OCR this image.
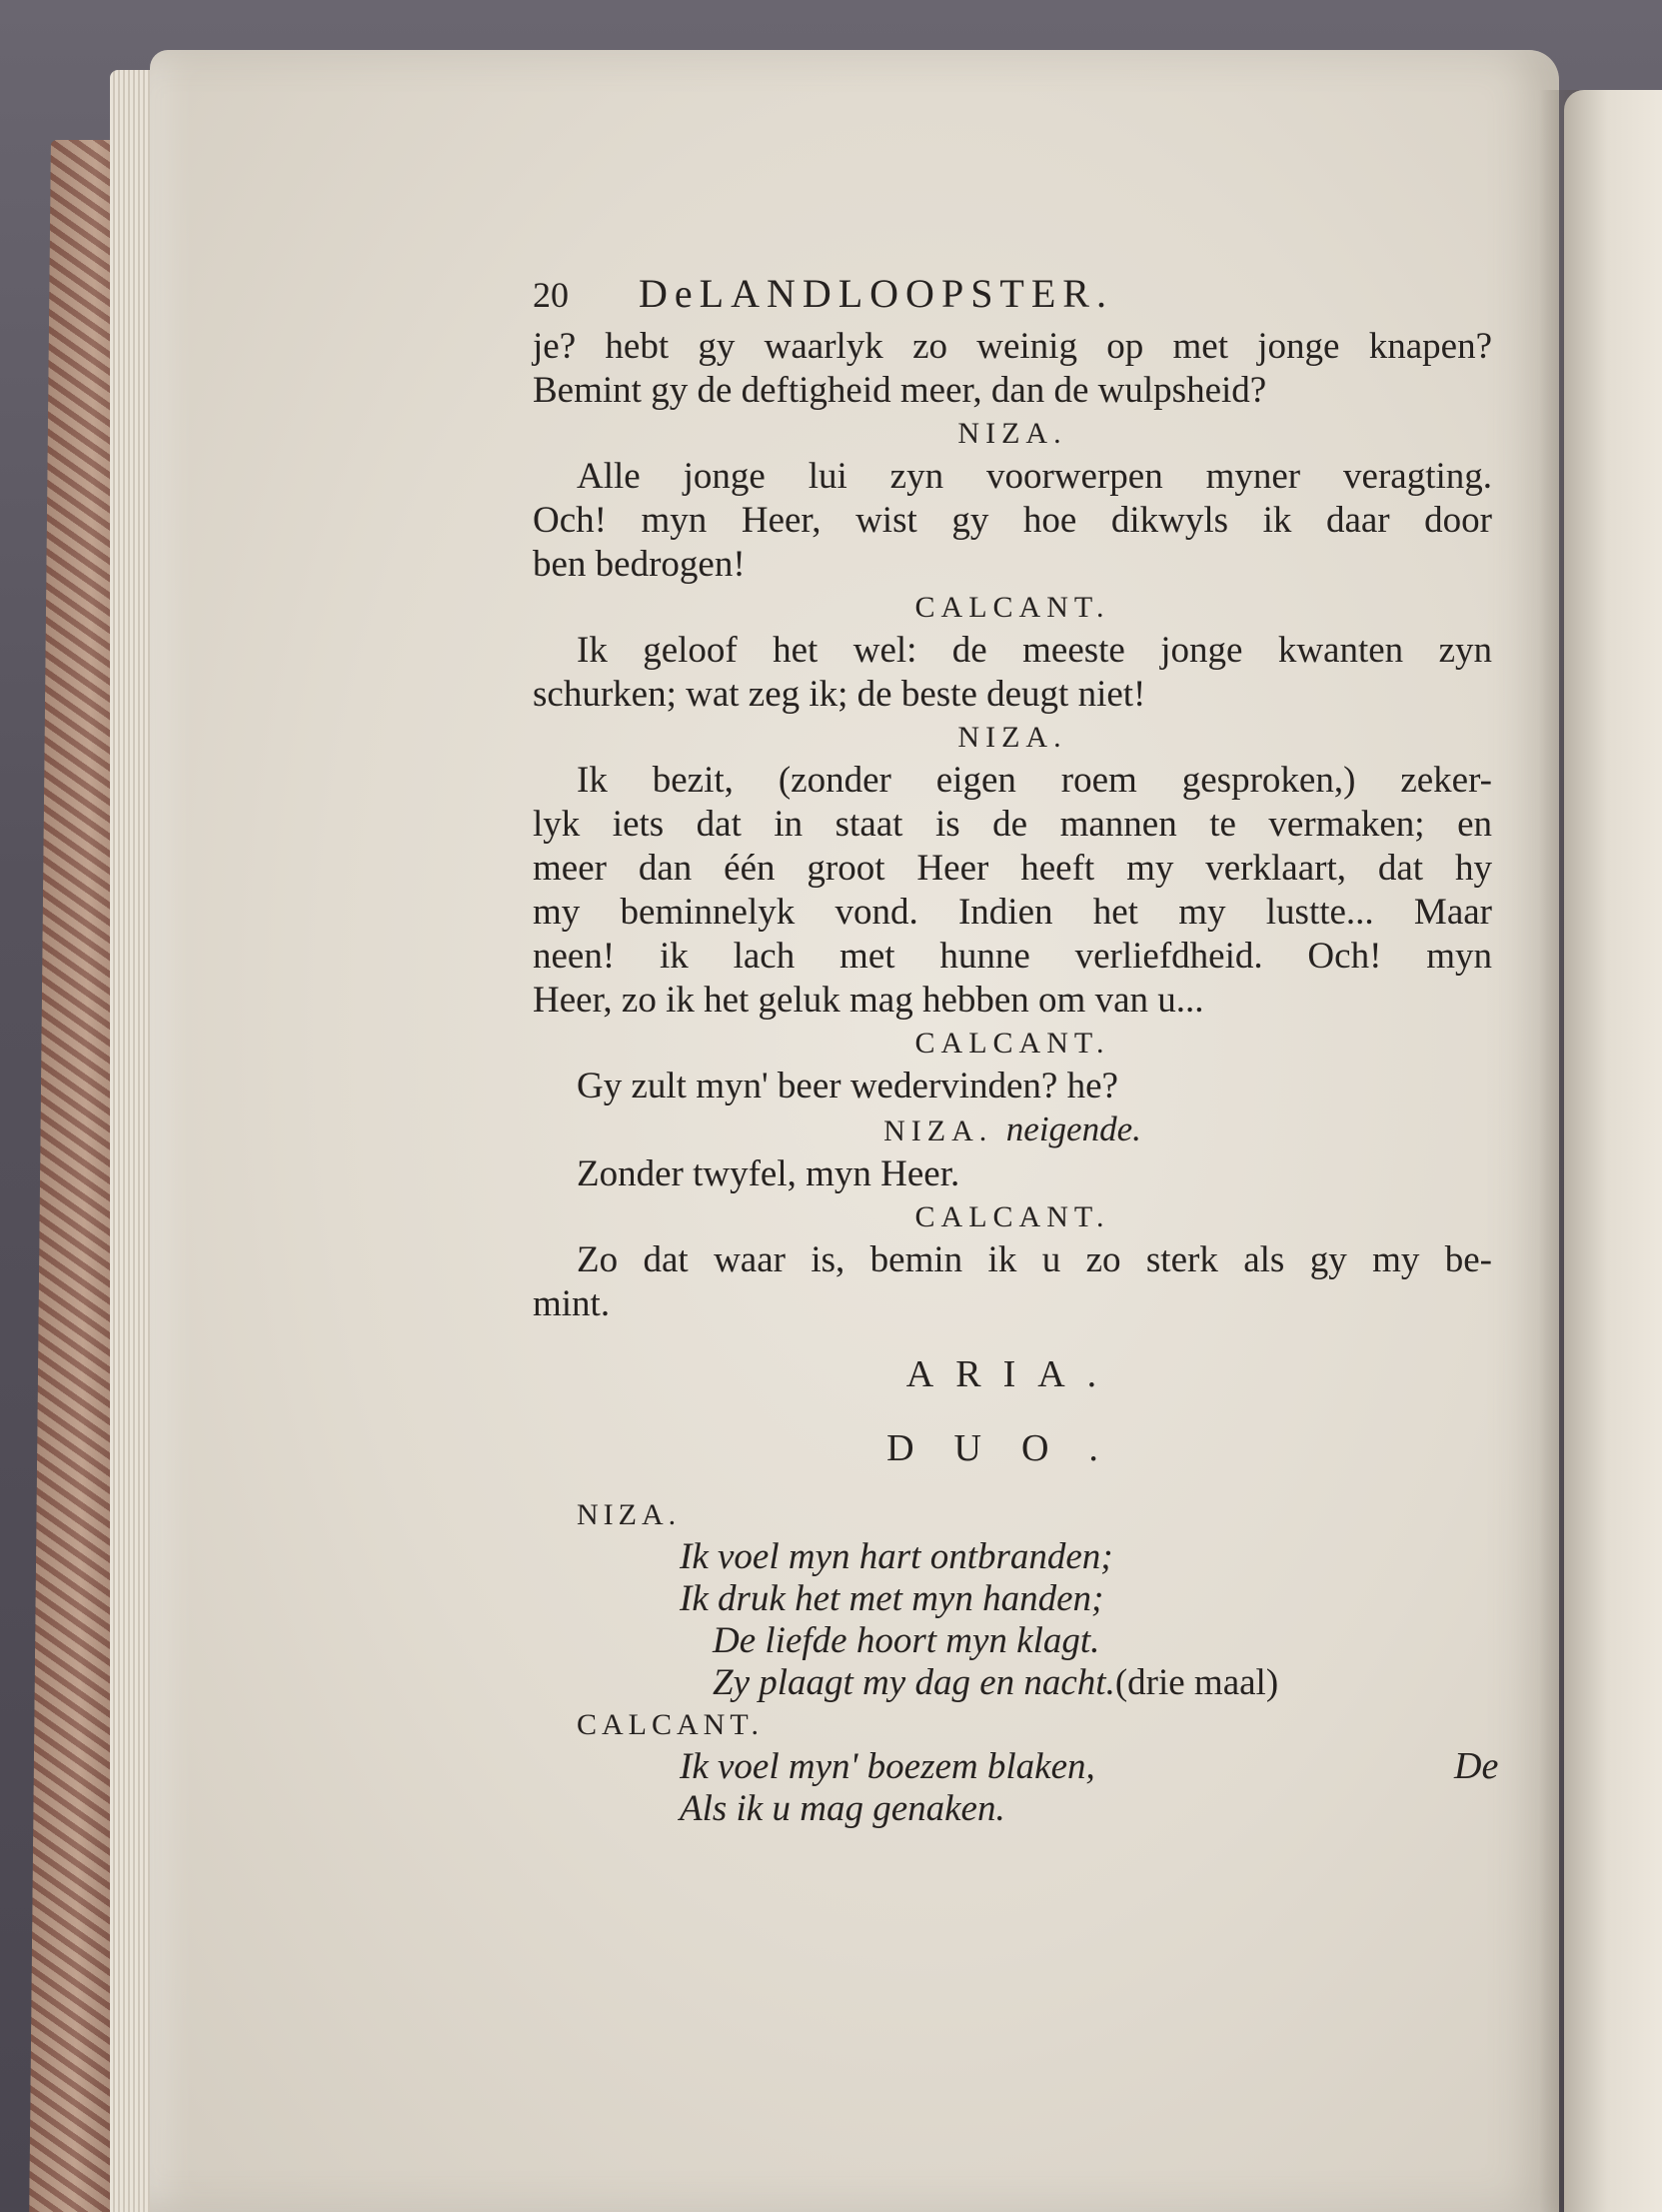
20 DeLANDLOOPSTER.
je? hebt gy waarlyk zo weinig op met jonge knapen?
Bemint gy de deftigheid meer, dan de wulpsheid?
NIZA.
Alle jonge lui zyn voorwerpen myner veragting.
Och! myn Heer, wist gy hoe dikwyls ik daar door
ben bedrogen!
CALCANT.
Ik geloof het wel: de meeste jonge kwanten zyn
schurken; wat zeg ik; de beste deugt niet!
NIZA.
Ik bezit, (zonder eigen roem gesproken,) zeker-
lyk iets dat in staat is de mannen te vermaken; en
meer dan één groot Heer heeft my verklaart, dat hy
my beminnelyk vond. Indien het my lustte... Maar
neen! ik lach met hunne verliefdheid. Och! myn
Heer, zo ik het geluk mag hebben om van u...
CALCANT.
Gy zult myn' beer wedervinden? he?
NIZA. neigende.
Zonder twyfel, myn Heer.
CALCANT.
Zo dat waar is, bemin ik u zo sterk als gy my be-
mint.
ARIA.
DUO.
NIZA.
Ik voel myn hart ontbranden;
Ik druk het met myn handen;
De liefde hoort myn klagt.
Zy plaagt my dag en nacht.(drie maal)
CALCANT.
Ik voel myn' boezem blaken,
Als ik u mag genaken.
De
